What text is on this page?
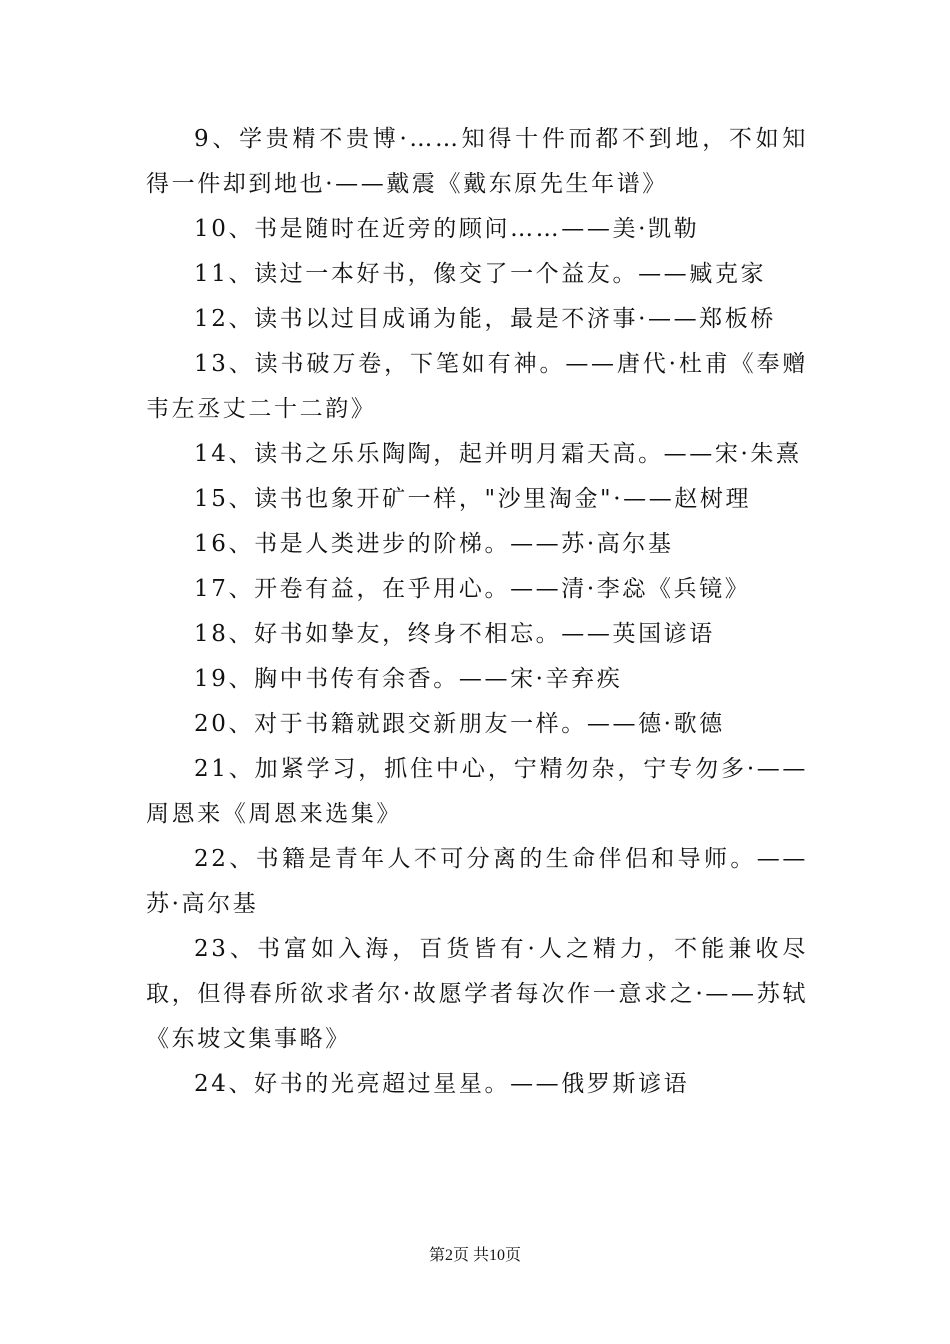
9、学贵精不贵博·……知得十件而都不到地，不如知得一件却到地也·——戴震《戴东原先生年谱》

10、书是随时在近旁的顾问……——美·凯勒

11、读过一本好书，像交了一个益友。——臧克家

12、读书以过目成诵为能，最是不济事·——郑板桥

13、读书破万卷，下笔如有神。——唐代·杜甫《奉赠韦左丞丈二十二韵》

14、读书之乐乐陶陶，起并明月霜天高。——宋·朱熹

15、读书也象开矿一样，"沙里淘金"·——赵树理

16、书是人类进步的阶梯。——苏·高尔基

17、开卷有益，在乎用心。——清·李惢《兵镜》

18、好书如挚友，终身不相忘。——英国谚语

19、胸中书传有余香。——宋·辛弃疾

20、对于书籍就跟交新朋友一样。——德·歌德

21、加紧学习，抓住中心，宁精勿杂，宁专勿多·——周恩来《周恩来选集》

22、书籍是青年人不可分离的生命伴侣和导师。——苏·高尔基

23、书富如入海，百货皆有·人之精力，不能兼收尽取，但得春所欲求者尔·故愿学者每次作一意求之·——苏轼《东坡文集事略》

24、好书的光亮超过星星。——俄罗斯谚语

第2页 共10页
